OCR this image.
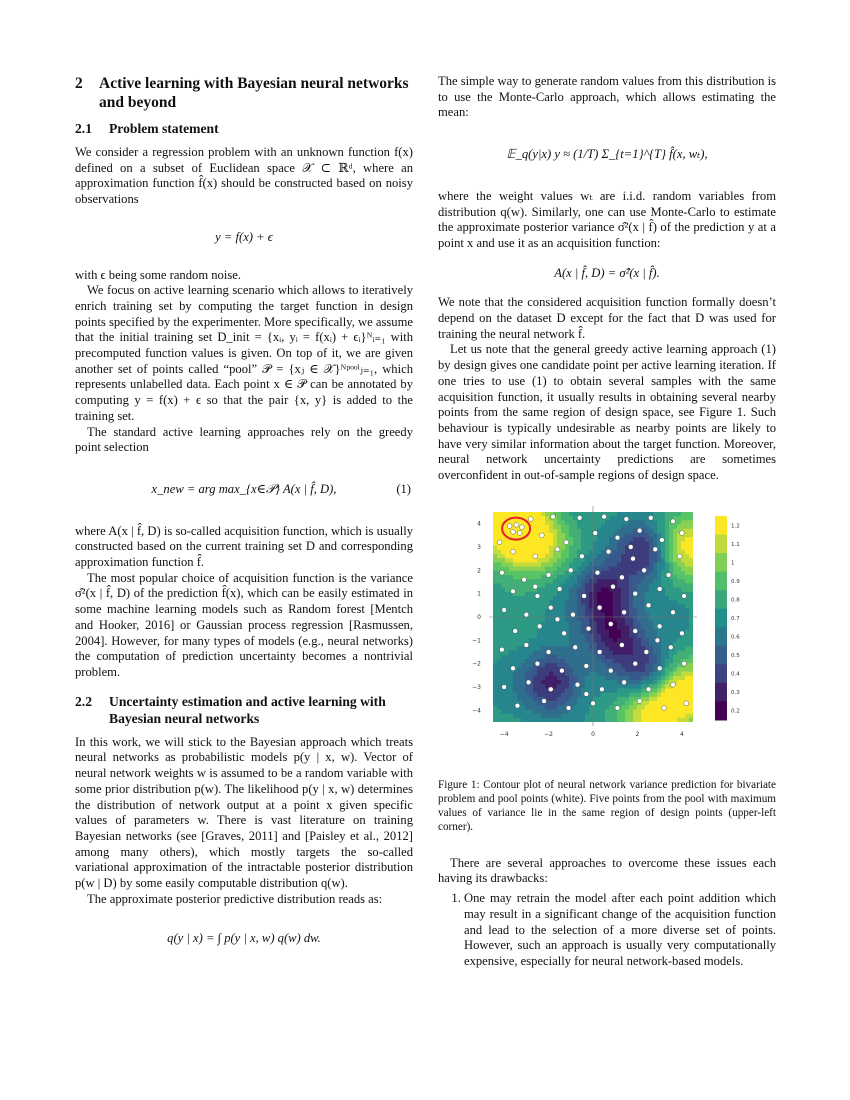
2	Active learning with Bayesian neural networks and beyond
2.1	Problem statement

We consider a regression problem with an unknown function f(x) defined on a subset of Euclidean space 𝒳 ⊂ ℝᵈ, where an approximation function f̂(x) should be constructed based on noisy observations

y = f(x) + ϵ

with ϵ being some random noise.

We focus on active learning scenario which allows to iteratively enrich training set by computing the target function in design points specified by the experimenter. More specifically, we assume that the initial training set D_init = {xᵢ, yᵢ = f(xᵢ) + ϵᵢ}ᴺᵢ₌₁ with precomputed function values is given. On top of it, we are given another set of points called “pool” 𝒫 = {xⱼ ∈ 𝒳}ᴺᵖᵒᵒˡⱼ₌₁, which represents unlabelled data. Each point x ∈ 𝒫 can be annotated by computing y = f(x) + ϵ so that the pair {x, y} is added to the training set.

The standard active learning approaches rely on the greedy point selection

x_new = arg max_{x∈𝒫} A(x | f̂, D),	(1)

where A(x | f̂, D) is so-called acquisition function, which is usually constructed based on the current training set D and corresponding approximation function f̂.

The most popular choice of acquisition function is the variance σ̂²(x | f̂, D) of the prediction f̂(x), which can be easily estimated in some machine learning models such as Random forest [Mentch and Hooker, 2016] or Gaussian process regression [Rasmussen, 2004]. However, for many types of models (e.g., neural networks) the computation of prediction uncertainty becomes a nontrivial problem.

2.2	Uncertainty estimation and active learning with Bayesian neural networks

In this work, we will stick to the Bayesian approach which treats neural networks as probabilistic models p(y | x, w). Vector of neural network weights w is assumed to be a random variable with some prior distribution p(w). The likelihood p(y | x, w) determines the distribution of network output at a point x given specific values of parameters w. There is vast literature on training Bayesian networks (see [Graves, 2011] and [Paisley et al., 2012] among many others), which mostly targets the so-called variational approximation of the intractable posterior distribution p(w | D) by some easily computable distribution q(w).

The approximate posterior predictive distribution reads as:

q(y | x) = ∫ p(y | x, w) q(w) dw.

The simple way to generate random values from this distribution is to use the Monte-Carlo approach, which allows estimating the mean:

𝔼_q(y|x) y ≈ (1/T) Σ_{t=1}^{T} f̂(x, wₜ),

where the weight values wₜ are i.i.d. random variables from distribution q(w). Similarly, one can use Monte-Carlo to estimate the approximate posterior variance σ̂²(x | f̂) of the prediction y at a point x and use it as an acquisition function:

A(x | f̂, D) = σ̂²(x | f̂).

We note that the considered acquisition function formally doesn’t depend on the dataset D except for the fact that D was used for training the neural network f̂.

Let us note that the general greedy active learning approach (1) by design gives one candidate point per active learning iteration. If one tries to use (1) to obtain several samples with the same acquisition function, it usually results in obtaining several nearby points from the same region of design space, see Figure 1. Such behaviour is typically undesirable as nearby points are likely to have very similar information about the target function. Moreover, neural network uncertainty predictions are sometimes overconfident in out-of-sample regions of design space.

−4	−2	0	2	4
4
3
2
1
0
−1
−2
−3
−4
1.2
1.1
1
0.9
0.8
0.7
0.6
0.5
0.4
0.3
0.2

Figure 1: Contour plot of neural network variance prediction for bivariate problem and pool points (white). Five points from the pool with maximum values of variance lie in the same region of design points (upper-left corner).

There are several approaches to overcome these issues each having its drawbacks:

1. One may retrain the model after each point addition which may result in a significant change of the acquisition function and lead to the selection of a more diverse set of points. However, such an approach is usually very computationally expensive, especially for neural network-based models.
